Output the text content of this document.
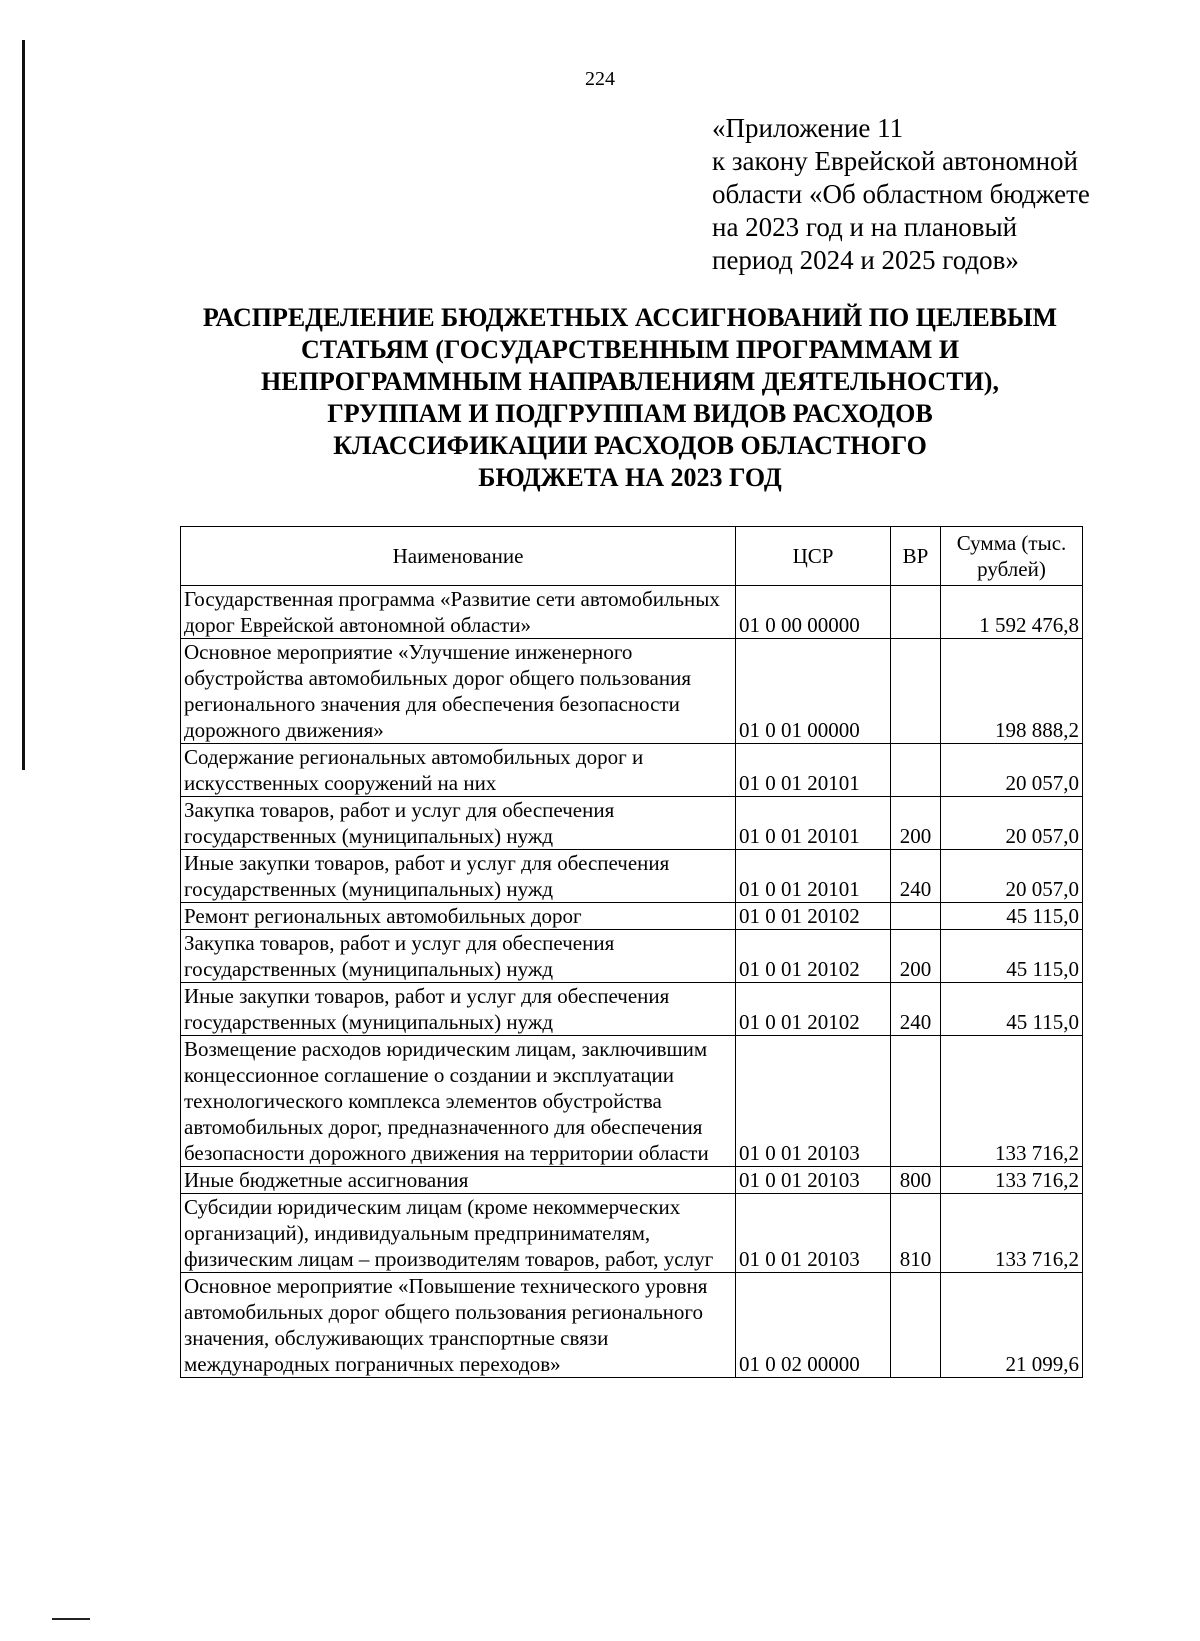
224
«Приложение 11
к закону Еврейской автономной
области «Об областном бюджете
на 2023 год и на плановый
период 2024 и 2025 годов»
РАСПРЕДЕЛЕНИЕ БЮДЖЕТНЫХ АССИГНОВАНИЙ ПО ЦЕЛЕВЫМ
СТАТЬЯМ (ГОСУДАРСТВЕННЫМ ПРОГРАММАМ И
НЕПРОГРАММНЫМ НАПРАВЛЕНИЯМ ДЕЯТЕЛЬНОСТИ),
ГРУППАМ И ПОДГРУППАМ ВИДОВ РАСХОДОВ
КЛАССИФИКАЦИИ РАСХОДОВ ОБЛАСТНОГО
БЮДЖЕТА НА 2023 ГОД
Наименование	ЦСР	ВР	Сумма (тыс. рублей)
Государственная программа «Развитие сети автомобильных дорог Еврейской автономной области»	01 0 00 00000		1 592 476,8
Основное мероприятие «Улучшение инженерного обустройства автомобильных дорог общего пользования регионального значения для обеспечения безопасности дорожного движения»	01 0 01 00000		198 888,2
Содержание региональных автомобильных дорог и искусственных сооружений на них	01 0 01 20101		20 057,0
Закупка товаров, работ и услуг для обеспечения государственных (муниципальных) нужд	01 0 01 20101	200	20 057,0
Иные закупки товаров, работ и услуг для обеспечения государственных (муниципальных) нужд	01 0 01 20101	240	20 057,0
Ремонт региональных автомобильных дорог	01 0 01 20102		45 115,0
Закупка товаров, работ и услуг для обеспечения государственных (муниципальных) нужд	01 0 01 20102	200	45 115,0
Иные закупки товаров, работ и услуг для обеспечения государственных (муниципальных) нужд	01 0 01 20102	240	45 115,0
Возмещение расходов юридическим лицам, заключившим концессионное соглашение о создании и эксплуатации технологического комплекса элементов обустройства автомобильных дорог, предназначенного для обеспечения безопасности дорожного движения на территории области	01 0 01 20103		133 716,2
Иные бюджетные ассигнования	01 0 01 20103	800	133 716,2
Субсидии юридическим лицам (кроме некоммерческих организаций), индивидуальным предпринимателям, физическим лицам – производителям товаров, работ, услуг	01 0 01 20103	810	133 716,2
Основное мероприятие «Повышение технического уровня автомобильных дорог общего пользования регионального значения, обслуживающих транспортные связи международных пограничных переходов»	01 0 02 00000		21 099,6
